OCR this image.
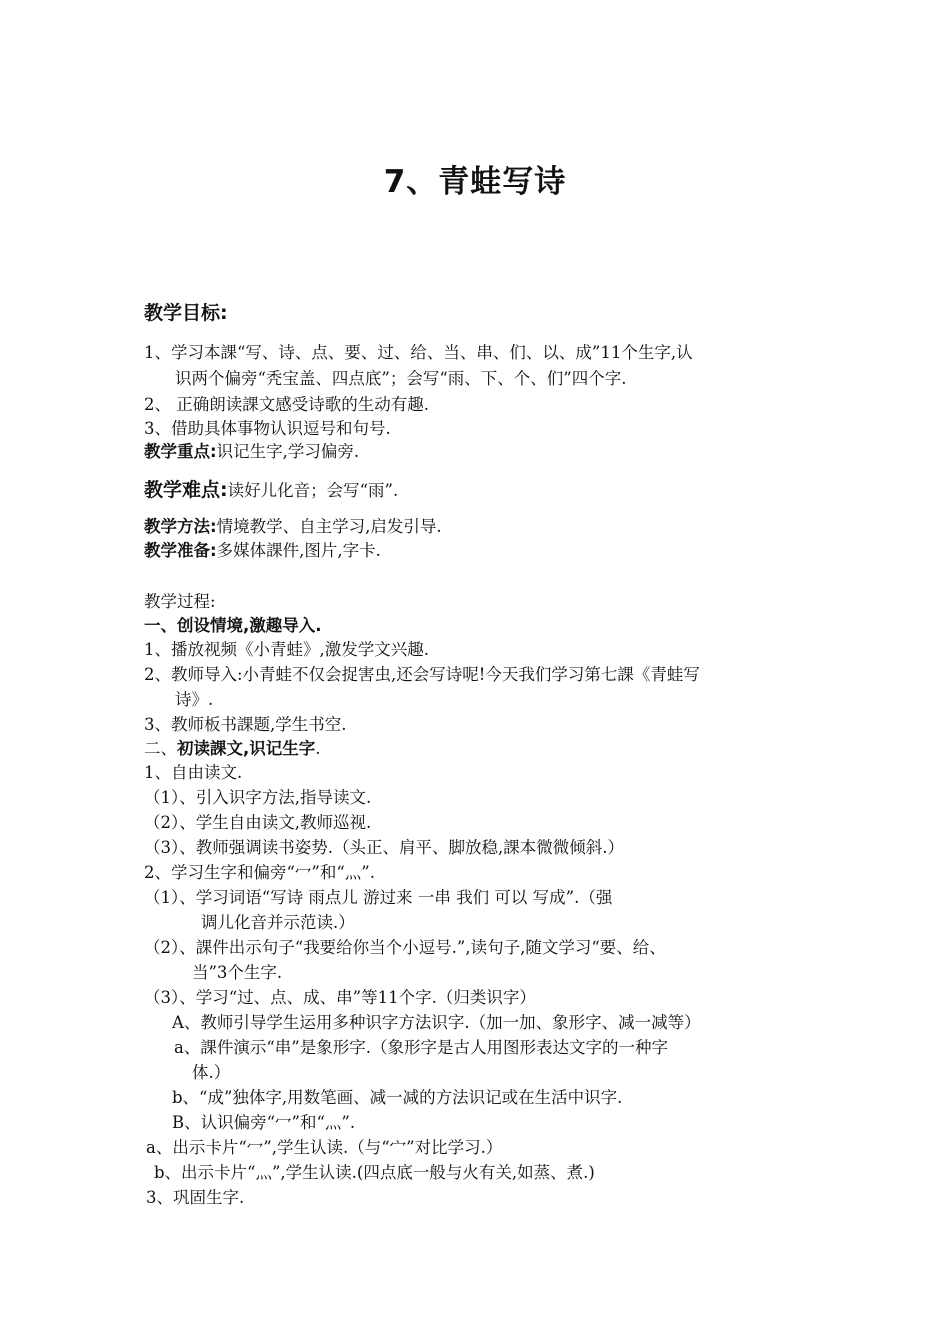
7、青蛙写诗
教学目标:
1、学习本課“写、诗、点、要、过、给、当、串、们、以、成”11个生字,认
识两个偏旁“秃宝盖、四点底”；会写“雨、下、个、们”四个字.
2、 正确朗读課文感受诗歌的生动有趣.
3、借助具体事物认识逗号和句号.
教学重点:识记生字,学习偏旁.
教学难点:读好儿化音；会写“雨”.
教学方法:情境教学、自主学习,启发引导.
教学准备:多媒体課件,图片,字卡.
教学过程:
一、创设情境,激趣导入.
1、播放视频《小青蛙》,激发学文兴趣.
2、教师导入:小青蛙不仅会捉害虫,还会写诗呢!今天我们学习第七課《青蛙写
诗》.
3、教师板书課题,学生书空.
二、初读課文,识记生字.
1、自由读文.
（1）、引入识字方法,指导读文.
（2）、学生自由读文,教师巡视.
（3）、教师强调读书姿势.（头正、肩平、脚放稳,課本微微倾斜.）
2、学习生字和偏旁“冖”和“灬”.
（1）、学习词语“写诗 雨点儿 游过来 一串 我们 可以 写成”.（强
调儿化音并示范读.）
（2）、課件出示句子“我要给你当个小逗号.”,读句子,随文学习“要、给、
当”3个生字.
（3）、学习“过、点、成、串”等11个字.（归类识字）
A、教师引导学生运用多种识字方法识字.（加一加、象形字、减一减等）
a、課件演示“串”是象形字.（象形字是古人用图形表达文字的一种字
体.）
b、“成”独体字,用数笔画、减一减的方法识记或在生活中识字.
B、认识偏旁“冖”和“灬”.
a、出示卡片“冖”,学生认读.（与“宀”对比学习.）
b、出示卡片“灬”,学生认读.(四点底一般与火有关,如蒸、煮.)
3、巩固生字.
